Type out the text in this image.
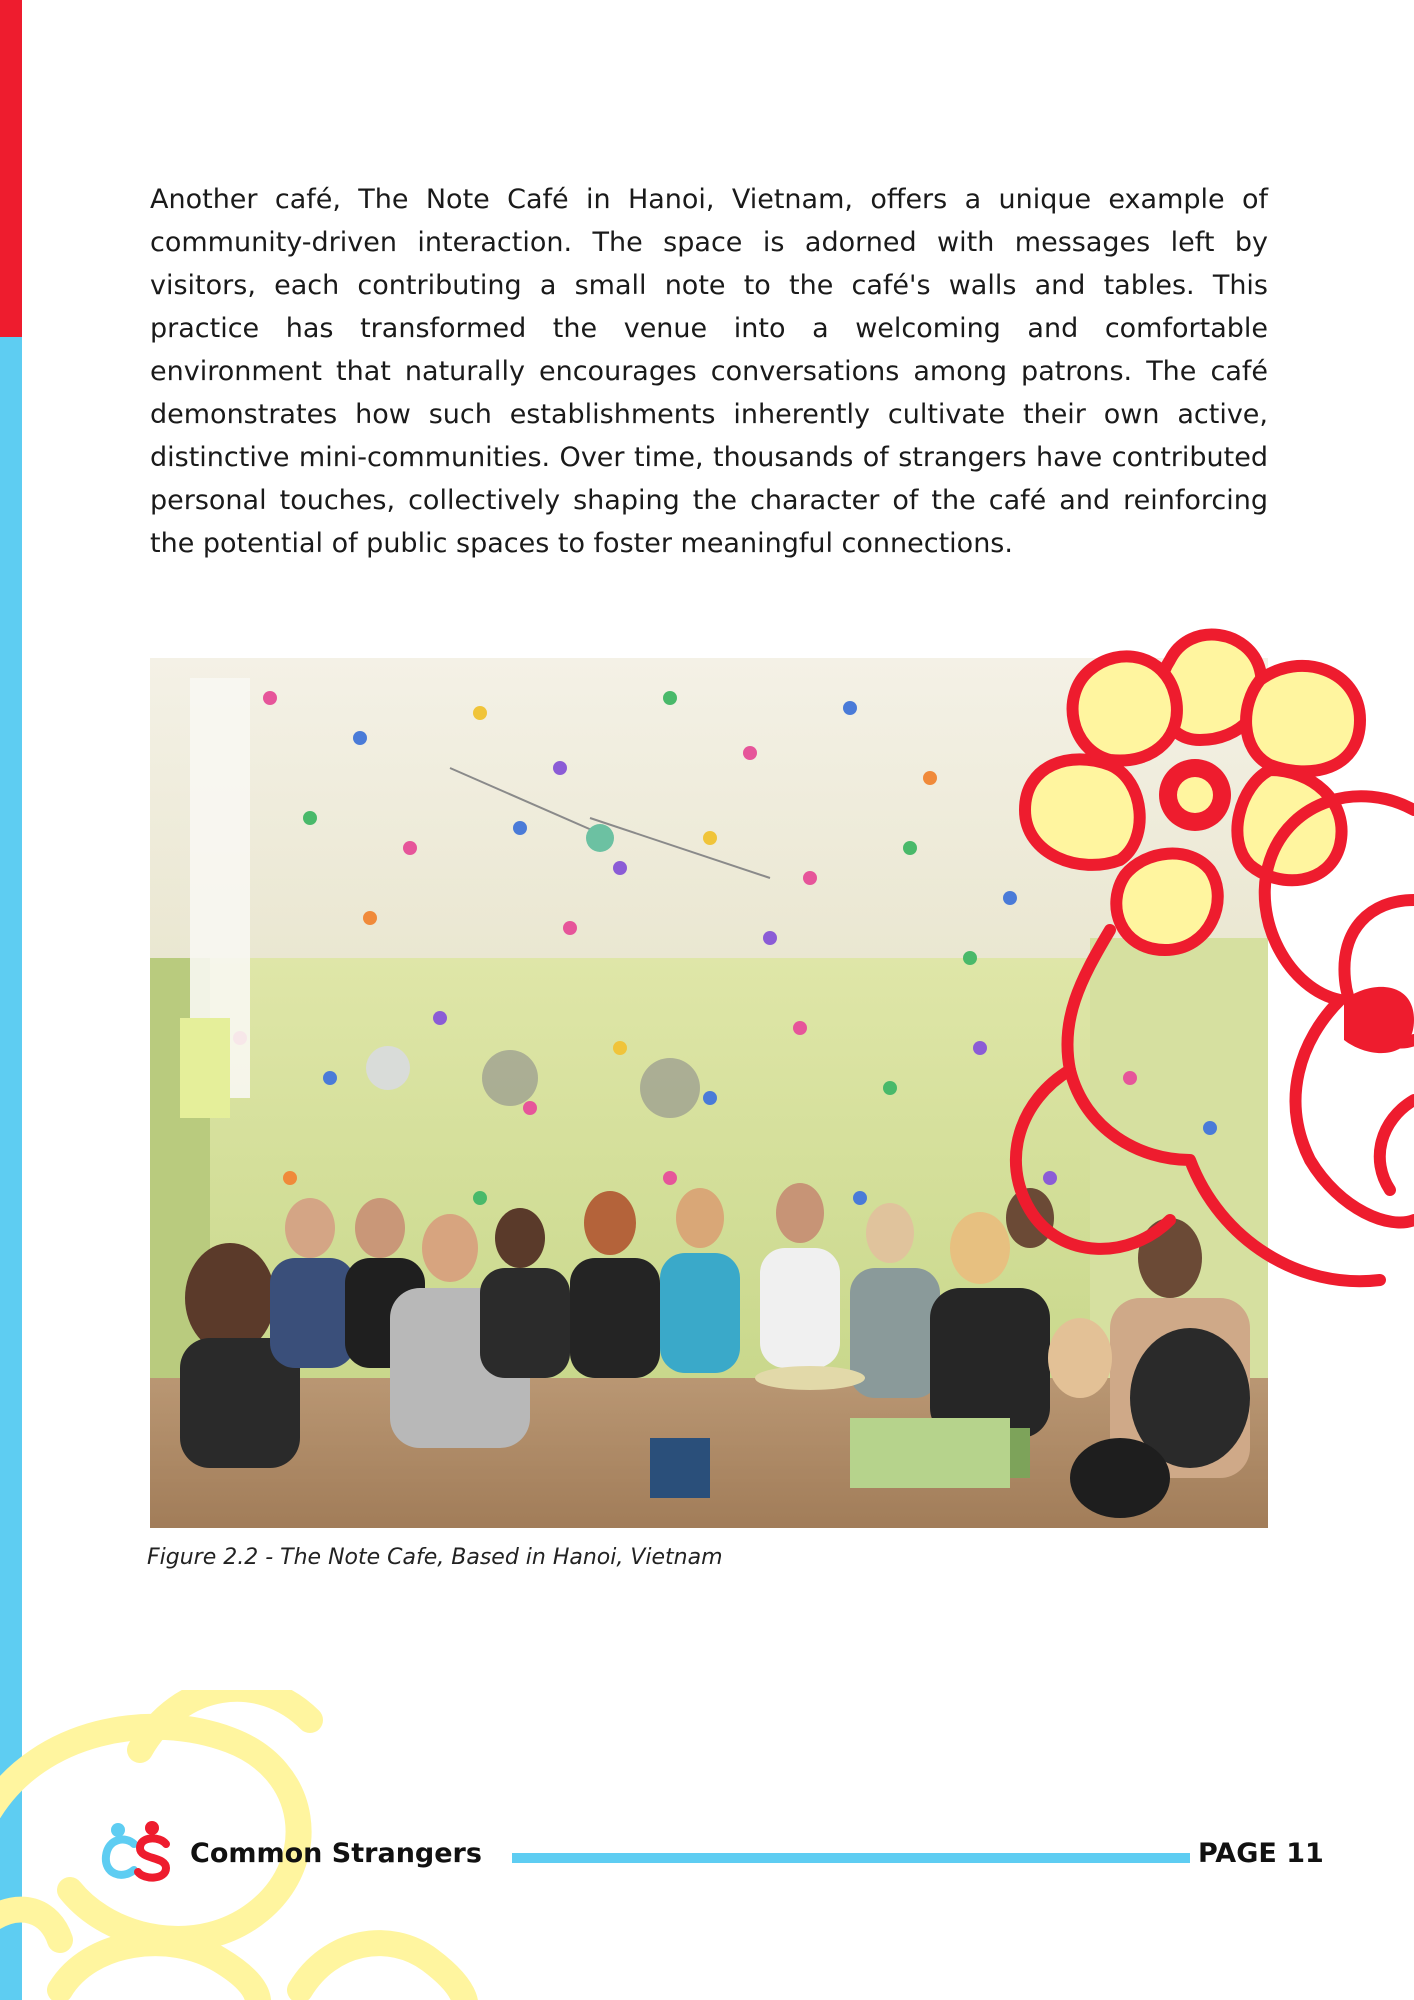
Another café, The Note Café in Hanoi, Vietnam, offers a unique example of community-driven interaction. The space is adorned with messages left by visitors, each contributing a small note to the café's walls and tables. This practice has transformed the venue into a welcoming and comfortable environment that naturally encourages conversations among patrons. The café demonstrates how such establishments inherently cultivate their own active, distinctive mini-communities. Over time, thousands of strangers have contributed personal touches, collectively shaping the character of the café and reinforcing the potential of public spaces to foster meaningful connections.

Figure 2.2 - The Note Cafe, Based in Hanoi, Vietnam

Common Strangers	PAGE 11
